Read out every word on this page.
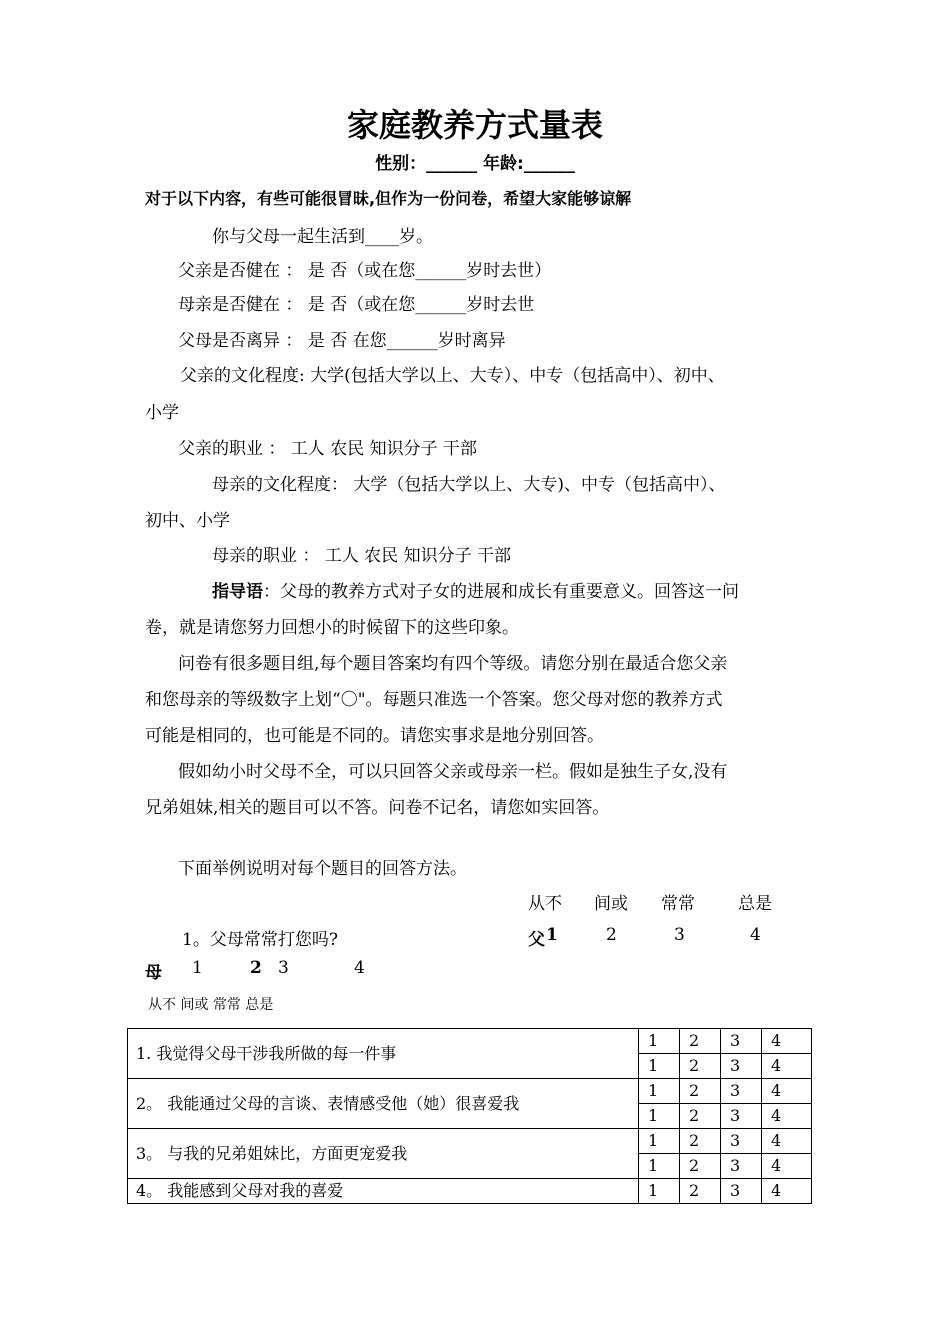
家庭教养方式量表
性别：______ 年龄:______
对于以下内容，有些可能很冒昧,但作为一份问卷，希望大家能够谅解
你与父母一起生活到____岁。
父亲是否健在 ： 是 否（或在您______岁时去世）
母亲是否健在 ： 是 否（或在您______岁时去世
父母是否离异 ： 是 否 在您______岁时离异
父亲的文化程度: 大学(包括大学以上、大专）、中专（包括高中）、初中、
小学
父亲的职业 ： 工人 农民 知识分子 干部
母亲的文化程度： 大学（包括大学以上、大专)、中专（包括高中）、
初中、小学
母亲的职业 ： 工人 农民 知识分子 干部
指导语：父母的教养方式对子女的进展和成长有重要意义。回答这一问
卷，就是请您努力回想小的时候留下的这些印象。
问卷有很多题目组,每个题目答案均有四个等级。请您分别在最适合您父亲
和您母亲的等级数字上划“〇"。每题只准选一个答案。您父母对您的教养方式
可能是相同的，也可能是不同的。请您实事求是地分别回答。
假如幼小时父母不全，可以只回答父亲或母亲一栏。假如是独生子女,没有
兄弟姐妹,相关的题目可以不答。问卷不记名，请您如实回答。
下面举例说明对每个题目的回答方法。
从不 间或 常常	总是
1。父母常常打您吗?	父 1	2	3	4
母 1	2 3	4
从不 间或 常常 总是
1. 我觉得父母干涉我所做的每一件事	1	2	3	4
	1	2	3	4
2。 我能通过父母的言谈、表情感受他（她）很喜爱我	1	2	3	4
	1	2	3	4
3。 与我的兄弟姐妹比，方面更宠爱我	1	2	3	4
	1	2	3	4
4。 我能感到父母对我的喜爱	1	2	3	4
